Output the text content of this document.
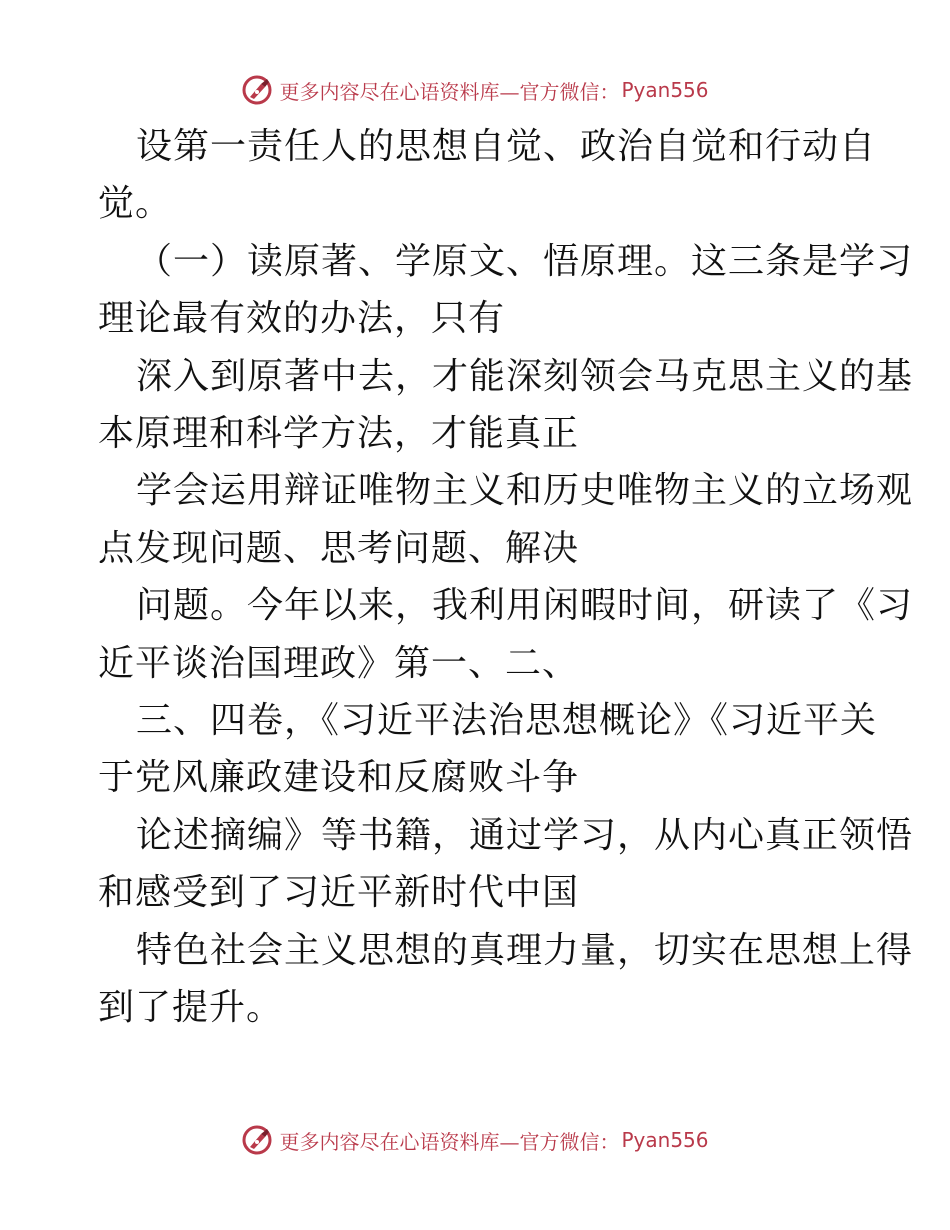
更多内容尽在心语资料库—官方微信： Pyan556
设第一责任人的思想自觉、政治自觉和行动自
觉。
（一）读原著、学原文、悟原理。这三条是学习
理论最有效的办法，只有
深入到原著中去，才能深刻领会马克思主义的基
本原理和科学方法，才能真正
学会运用辩证唯物主义和历史唯物主义的立场观
点发现问题、思考问题、解决
问题。今年以来，我利用闲暇时间，研读了《习
近平谈治国理政》第一、二、
三、四卷，《习近平法治思想概论》《习近平关
于党风廉政建设和反腐败斗争
论述摘编》等书籍，通过学习，从内心真正领悟
和感受到了习近平新时代中国
特色社会主义思想的真理力量，切实在思想上得
到了提升。
更多内容尽在心语资料库—官方微信： Pyan556
